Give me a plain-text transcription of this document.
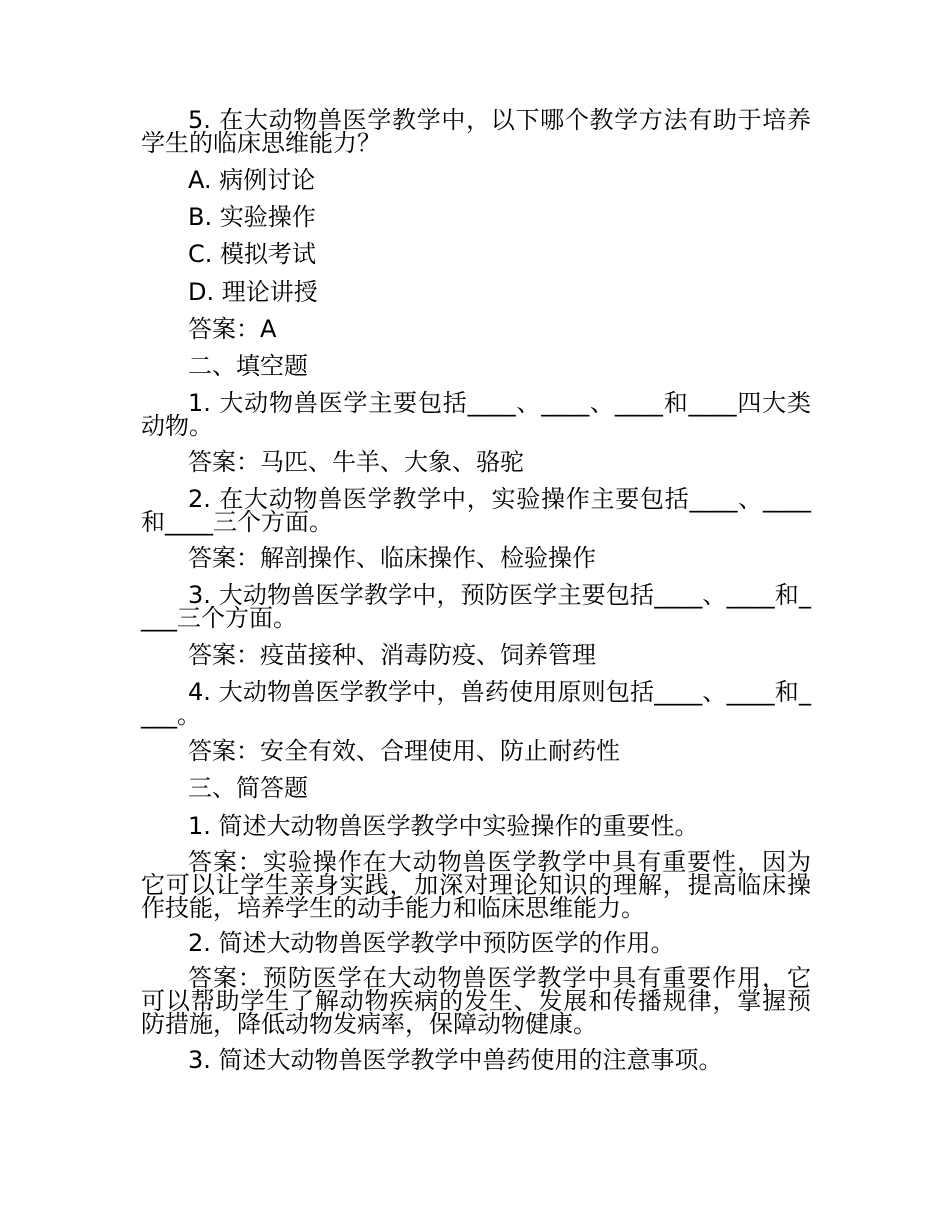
5. 在大动物兽医学教学中，以下哪个教学方法有助于培养学生的临床思维能力？
A. 病例讨论
B. 实验操作
C. 模拟考试
D. 理论讲授
答案：A
二、填空题
1. 大动物兽医学主要包括____、____、____和____四大类动物。
答案：马匹、牛羊、大象、骆驼
2. 在大动物兽医学教学中，实验操作主要包括____、____和____三个方面。
答案：解剖操作、临床操作、检验操作
3. 大动物兽医学教学中，预防医学主要包括____、____和____三个方面。
答案：疫苗接种、消毒防疫、饲养管理
4. 大动物兽医学教学中，兽药使用原则包括____、____和____。
答案：安全有效、合理使用、防止耐药性
三、简答题
1. 简述大动物兽医学教学中实验操作的重要性。
答案：实验操作在大动物兽医学教学中具有重要性，因为它可以让学生亲身实践，加深对理论知识的理解，提高临床操作技能，培养学生的动手能力和临床思维能力。
2. 简述大动物兽医学教学中预防医学的作用。
答案：预防医学在大动物兽医学教学中具有重要作用，它可以帮助学生了解动物疾病的发生、发展和传播规律，掌握预防措施，降低动物发病率，保障动物健康。
3. 简述大动物兽医学教学中兽药使用的注意事项。
